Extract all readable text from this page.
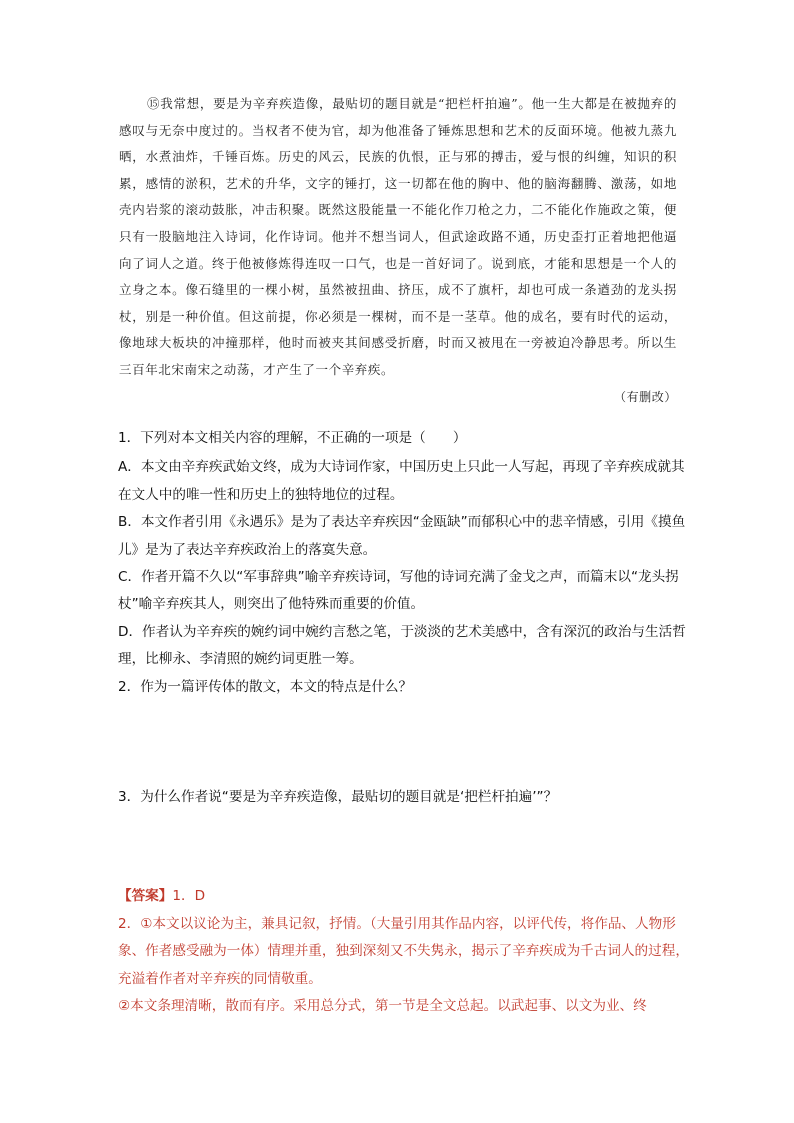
⑮我常想，要是为辛弃疾造像，最贴切的题目就是“把栏杆拍遍”。他一生大都是在被抛弃的感叹与无奈中度过的。当权者不使为官，却为他准备了锤炼思想和艺术的反面环境。他被九蒸九晒，水煮油炸，千锤百炼。历史的风云，民族的仇恨，正与邪的搏击，爱与恨的纠缠，知识的积累，感情的淤积，艺术的升华，文字的锤打，这一切都在他的胸中、他的脑海翻腾、激荡，如地壳内岩浆的滚动鼓胀，冲击积聚。既然这股能量一不能化作刀枪之力，二不能化作施政之策，便只有一股脑地注入诗词，化作诗词。他并不想当词人，但武途政路不通，历史歪打正着地把他逼向了词人之道。终于他被修炼得连叹一口气，也是一首好词了。说到底，才能和思想是一个人的立身之本。像石缝里的一棵小树，虽然被扭曲、挤压，成不了旗杆，却也可成一条遒劲的龙头拐杖，别是一种价值。但这前提，你必须是一棵树，而不是一茎草。他的成名，要有时代的运动，像地球大板块的冲撞那样，他时而被夹其间感受折磨，时而又被甩在一旁被迫冷静思考。所以生三百年北宋南宋之动荡，才产生了一个辛弃疾。

（有删改）

1．下列对本文相关内容的理解，不正确的一项是（　　）

A．本文由辛弃疾武始文终，成为大诗词作家，中国历史上只此一人写起，再现了辛弃疾成就其在文人中的唯一性和历史上的独特地位的过程。

B．本文作者引用《永遇乐》是为了表达辛弃疾因“金瓯缺”而郁积心中的悲辛情感，引用《摸鱼儿》是为了表达辛弃疾政治上的落寞失意。

C．作者开篇不久以“军事辞典”喻辛弃疾诗词，写他的诗词充满了金戈之声，而篇末以“龙头拐杖”喻辛弃疾其人，则突出了他特殊而重要的价值。

D．作者认为辛弃疾的婉约词中婉约言愁之笔，于淡淡的艺术美感中，含有深沉的政治与生活哲理，比柳永、李清照的婉约词更胜一筹。

2．作为一篇评传体的散文，本文的特点是什么？

3．为什么作者说“要是为辛弃疾造像，最贴切的题目就是‘把栏杆拍遍’”？

【答案】1．D

2．①本文以议论为主，兼具记叙，抒情。（大量引用其作品内容，以评代传，将作品、人物形象、作者感受融为一体）情理并重，独到深刻又不失隽永，揭示了辛弃疾成为千古词人的过程，充溢着作者对辛弃疾的同情敬重。

②本文条理清晰，散而有序。采用总分式，第一节是全文总起。以武起事、以文为业、终
